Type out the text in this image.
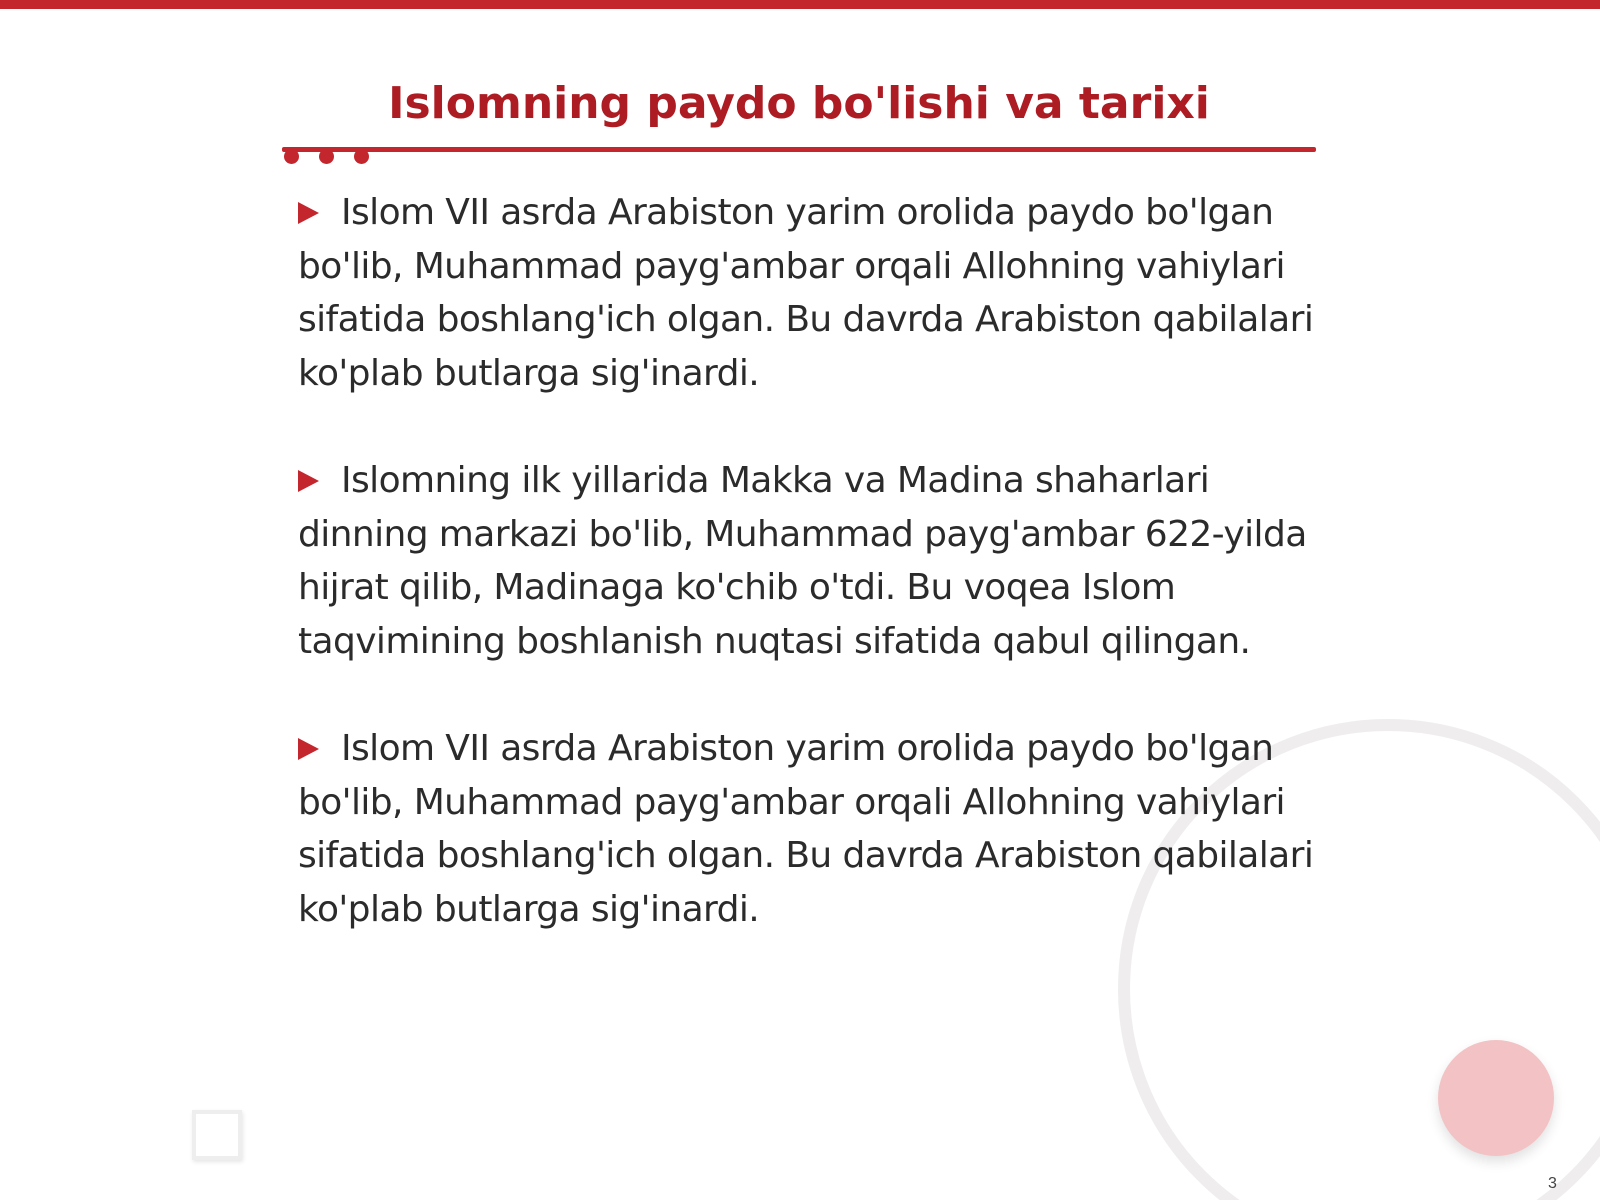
Islomning paydo bo'lishi va tarixi

Islom VII asrda Arabiston yarim orolida paydo bo'lgan bo'lib, Muhammad payg'ambar orqali Allohning vahiylari sifatida boshlang'ich olgan. Bu davrda Arabiston qabilalari ko'plab butlarga sig'inardi.

Islomning ilk yillarida Makka va Madina shaharlari dinning markazi bo'lib, Muhammad payg'ambar 622-yilda hijrat qilib, Madinaga ko'chib o'tdi. Bu voqea Islom taqvimining boshlanish nuqtasi sifatida qabul qilingan.

Islom VII asrda Arabiston yarim orolida paydo bo'lgan bo'lib, Muhammad payg'ambar orqali Allohning vahiylari sifatida boshlang'ich olgan. Bu davrda Arabiston qabilalari ko'plab butlarga sig'inardi.

3
